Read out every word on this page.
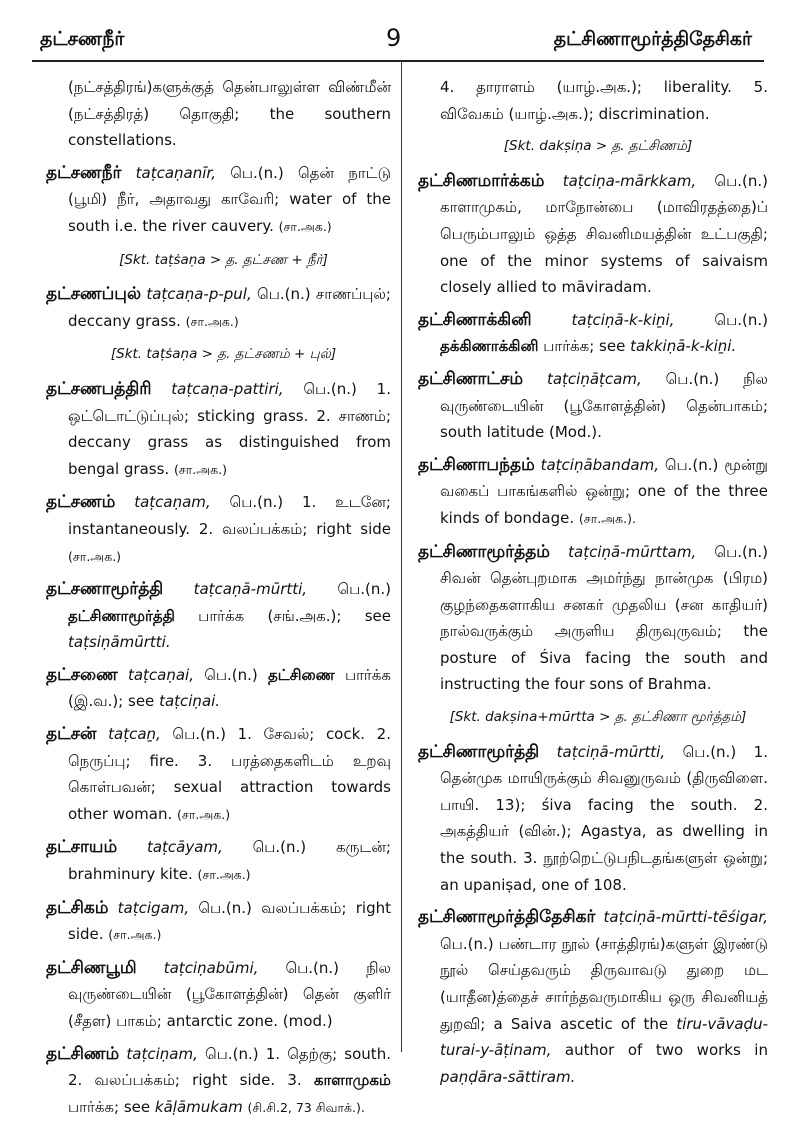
தட்சணநீர்	9	தட்சிணாமூர்த்திதேசிகர்
(நட்சத்திரங்)களுக்குத் தென்பாலுள்ள விண்மீன் (நட்சத்திரத்) தொகுதி; the southern constellations.
தட்சணநீர் taṭcaṇanīr, பெ.(n.) தென் நாட்டு (பூமி) நீர், அதாவது காவேரி; water of the south i.e. the river cauvery. (சா.அக.)
[Skt. taṭṡaṇa > த. தட்சண + நீர்]
தட்சணப்புல் taṭcaṇa-p-pul, பெ.(n.) சாணப்புல்; deccany grass. (சா.அக.)
[Skt. taṭṡaṇa > த. தட்சணம் + புல்]
தட்சணபத்திரி taṭcaṇa-pattiri, பெ.(n.) 1. ஒட்டொட்டுப்புல்; sticking grass. 2. சாணம்; deccany grass as distinguished from bengal grass. (சா.அக.)
தட்சணம் taṭcaṇam, பெ.(n.) 1. உடனே; instantaneously. 2. வலப்பக்கம்; right side (சா.அக.)
தட்சணாமூர்த்தி taṭcaṇā-mūrtti, பெ.(n.) தட்சிணாமூர்த்தி பார்க்க (சங்.அக.); see taṭsiṇāmūrtti.
தட்சணை taṭcaṇai, பெ.(n.) தட்சிணை பார்க்க (இ.வ.); see taṭciṇai.
தட்சன் taṭcaṉ, பெ.(n.) 1. சேவல்; cock. 2. நெருப்பு; fire. 3. பரத்தைகளிடம் உறவு கொள்பவன்; sexual attraction towards other woman. (சா.அக.)
தட்சாயம் taṭcāyam, பெ.(n.) கருடன்; brahminury kite. (சா.அக.)
தட்சிகம் taṭcigam, பெ.(n.) வலப்பக்கம்; right side. (சா.அக.)
தட்சிணபூமி taṭciṇabūmi, பெ.(n.) நில வுருண்டையின் (பூகோளத்தின்) தென் குளிர் (சீதள) பாகம்; antarctic zone. (mod.)
தட்சிணம் taṭciṇam, பெ.(n.) 1. தெற்கு; south. 2. வலப்பக்கம்; right side. 3. காளாமுகம் பார்க்க; see kāḷāmukam (சி.சி.2, 73 சிவாக்.).
4. தாராளம் (யாழ்.அக.); liberality. 5. விவேகம் (யாழ்.அக.); discrimination.
[Skt. dakṣiṇa > த. தட்சிணம்]
தட்சிணமார்க்கம் taṭciṇa-mārkkam, பெ.(n.) காளாமுகம், மாநோன்பை (மாவிரதத்தை)ப் பெரும்பாலும் ஒத்த சிவனிமயத்தின் உட்பகுதி; one of the minor systems of saivaism closely allied to māviradam.
தட்சிணாக்கினி	taṭciṇā-k-kiṉi,	பெ.(n.) தக்கிணாக்கினி பார்க்க; see takkiṇā-k-kiṉi.
தட்சிணாட்சம் taṭciṇāṭcam, பெ.(n.) நில வுருண்டையின் (பூகோளத்தின்) தென்பாகம்; south latitude (Mod.).
தட்சிணாபந்தம் taṭciṇābandam, பெ.(n.) மூன்று வகைப் பாகங்களில் ஒன்று; one of the three kinds of bondage. (சா.அக.).
தட்சிணாமூர்த்தம் taṭciṇā-mūrttam, பெ.(n.) சிவன் தென்புறமாக அமர்ந்து நான்முக (பிரம) குழந்தைகளாகிய சனகர் முதலிய (சன காதியர்) நால்வருக்கும் அருளிய திருவுருவம்; the posture of Śiva facing the south and instructing the four sons of Brahma.
[Skt. dakṣina+mūrtta > த. தட்சிணா மூர்த்தம்]
தட்சிணாமூர்த்தி taṭciṇā-mūrtti, பெ.(n.) 1. தென்முக மாயிருக்கும் சிவனுருவம் (திருவிளை. பாயி. 13); śiva facing the south. 2. அகத்தியர் (வின்.); Agastya, as dwelling in the south. 3. நூற்றெட்டுபநிடதங்களுள் ஒன்று; an upaniṣad, one of 108.
தட்சிணாமூர்த்திதேசிகர் taṭciṇā-mūrtti-tēśigar, பெ.(n.) பண்டார நூல் (சாத்திரங்)களுள் இரண்டு நூல் செய்தவரும் திருவாவடு துறை மட (யாதீன)த்தைச் சார்ந்தவருமாகிய ஒரு சிவனியத் துறவி; a Saiva ascetic of the tiru-vāvaḍu-turai-y-āṭinam, author of two works in paṇḍāra-sāttiram.
